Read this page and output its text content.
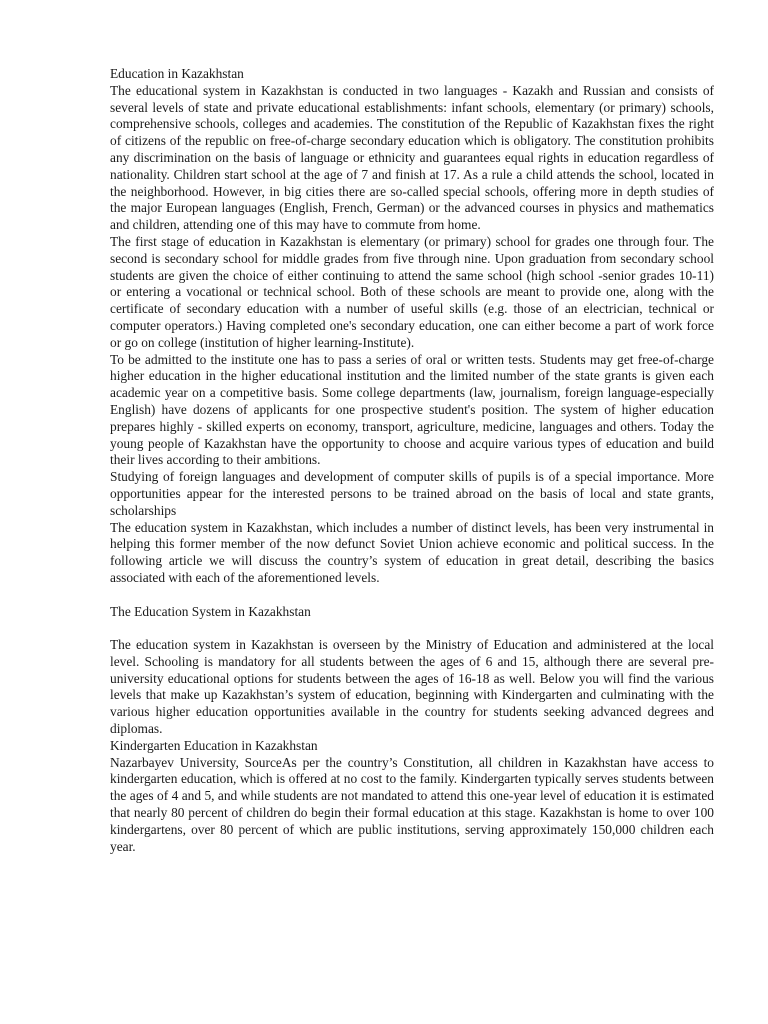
Education in Kazakhstan

The educational system in Kazakhstan is conducted in two languages - Kazakh and Russian and consists of several levels of state and private educational establishments: infant schools, elementary (or primary) schools, comprehensive schools, colleges and academies. The constitution of the Republic of Kazakhstan fixes the right of citizens of the republic on free-of-charge secondary education which is obligatory. The constitution prohibits any discrimination on the basis of language or ethnicity and guarantees equal rights in education regardless of nationality. Children start school at the age of 7 and finish at 17. As a rule a child attends the school, located in the neighborhood. However, in big cities there are so-called special schools, offering more in depth studies of the major European languages (English, French, German) or the advanced courses in physics and mathematics and children, attending one of this may have to commute from home.

The first stage of education in Kazakhstan is elementary (or primary) school for grades one through four. The second is secondary school for middle grades from five through nine. Upon graduation from secondary school students are given the choice of either continuing to attend the same school (high school -senior grades 10-11) or entering a vocational or technical school. Both of these schools are meant to provide one, along with the certificate of secondary education with a number of useful skills (e.g. those of an electrician, technical or computer operators.) Having completed one's secondary education, one can either become a part of work force or go on college (institution of higher learning-Institute).

To be admitted to the institute one has to pass a series of oral or written tests. Students may get free-of-charge higher education in the higher educational institution and the limited number of the state grants is given each academic year on a competitive basis. Some college departments (law, journalism, foreign language-especially English) have dozens of applicants for one prospective student's position. The system of higher education prepares highly - skilled experts on economy, transport, agriculture, medicine, languages and others. Today the young people of Kazakhstan have the opportunity to choose and acquire various types of education and build their lives according to their ambitions.

Studying of foreign languages and development of computer skills of pupils is of a special importance. More opportunities appear for the interested persons to be trained abroad on the basis of local and state grants, scholarships

The education system in Kazakhstan, which includes a number of distinct levels, has been very instrumental in helping this former member of the now defunct Soviet Union achieve economic and political success. In the following article we will discuss the country’s system of education in great detail, describing the basics associated with each of the aforementioned levels.

The Education System in Kazakhstan

The education system in Kazakhstan is overseen by the Ministry of Education and administered at the local level. Schooling is mandatory for all students between the ages of 6 and 15, although there are several pre-university educational options for students between the ages of 16-18 as well. Below you will find the various levels that make up Kazakhstan’s system of education, beginning with Kindergarten and culminating with the various higher education opportunities available in the country for students seeking advanced degrees and diplomas.

Kindergarten Education in Kazakhstan

Nazarbayev University, SourceAs per the country’s Constitution, all children in Kazakhstan have access to kindergarten education, which is offered at no cost to the family. Kindergarten typically serves students between the ages of 4 and 5, and while students are not mandated to attend this one-year level of education it is estimated that nearly 80 percent of children do begin their formal education at this stage. Kazakhstan is home to over 100 kindergartens, over 80 percent of which are public institutions, serving approximately 150,000 children each year.
